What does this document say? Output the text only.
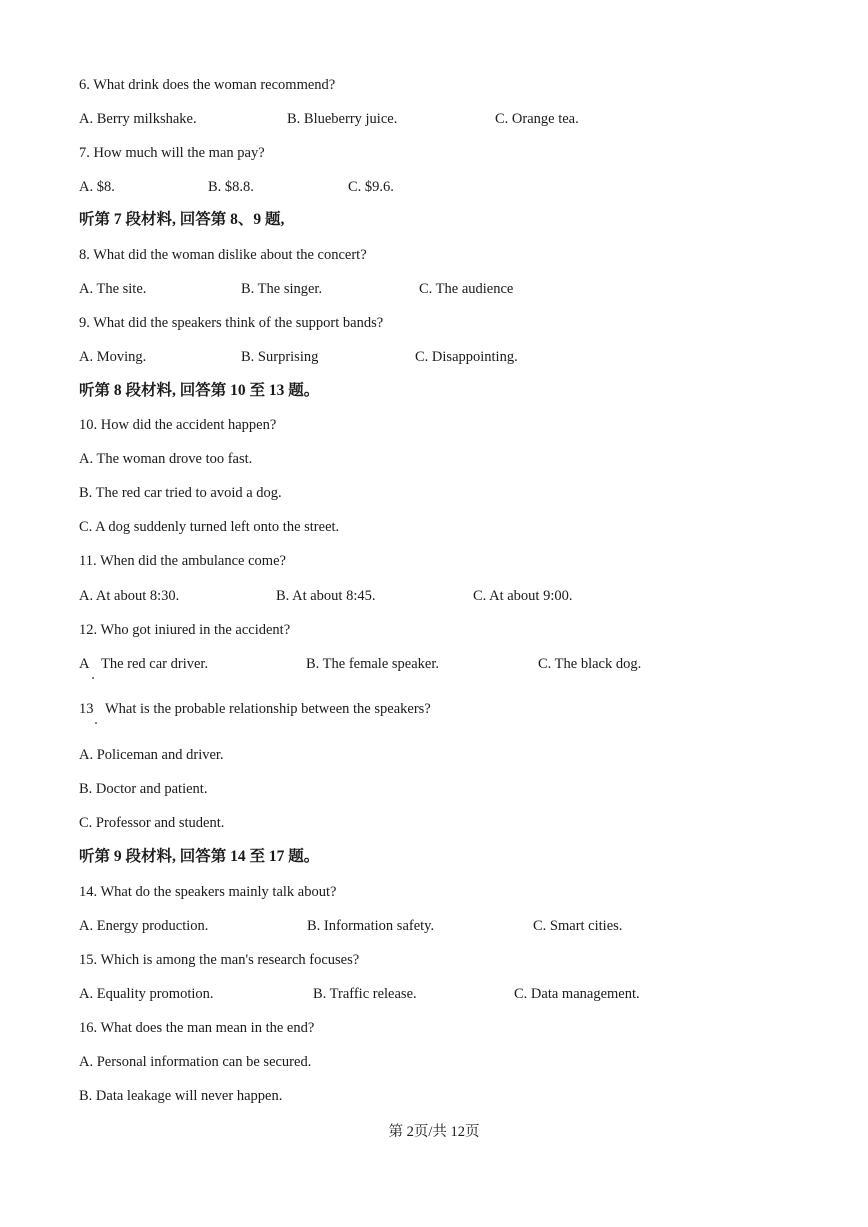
6. What drink does the woman recommend?
A. Berry milkshake.	B. Blueberry juice.	C. Orange tea.
7. How much will the man pay?
A. $8.	B. $8.8.	C. $9.6.
听第 7 段材料, 回答第 8、9 题,
8. What did the woman dislike about the concert?
A. The site.	B. The singer.	C. The audience
9. What did the speakers think of the support bands?
A. Moving.	B. Surprising	C. Disappointing.
听第 8 段材料, 回答第 10 至 13 题。
10. How did the accident happen?
A. The woman drove too fast.
B. The red car tried to avoid a dog.
C. A dog suddenly turned left onto the street.
11. When did the ambulance come?
A. At about 8:30.	B. At about 8:45.	C. At about 9:00.
12. Who got iniured in the accident?
A The red car driver.	B. The female speaker.	C. The black dog.
13 What is the probable relationship between the speakers?
A. Policeman and driver.
B. Doctor and patient.
C. Professor and student.
听第 9 段材料, 回答第 14 至 17 题。
14. What do the speakers mainly talk about?
A. Energy production.	B. Information safety.	C. Smart cities.
15. Which is among the man's research focuses?
A. Equality promotion.	B. Traffic release.	C. Data management.
16. What does the man mean in the end?
A. Personal information can be secured.
B. Data leakage will never happen.
第 2页/共 12页
